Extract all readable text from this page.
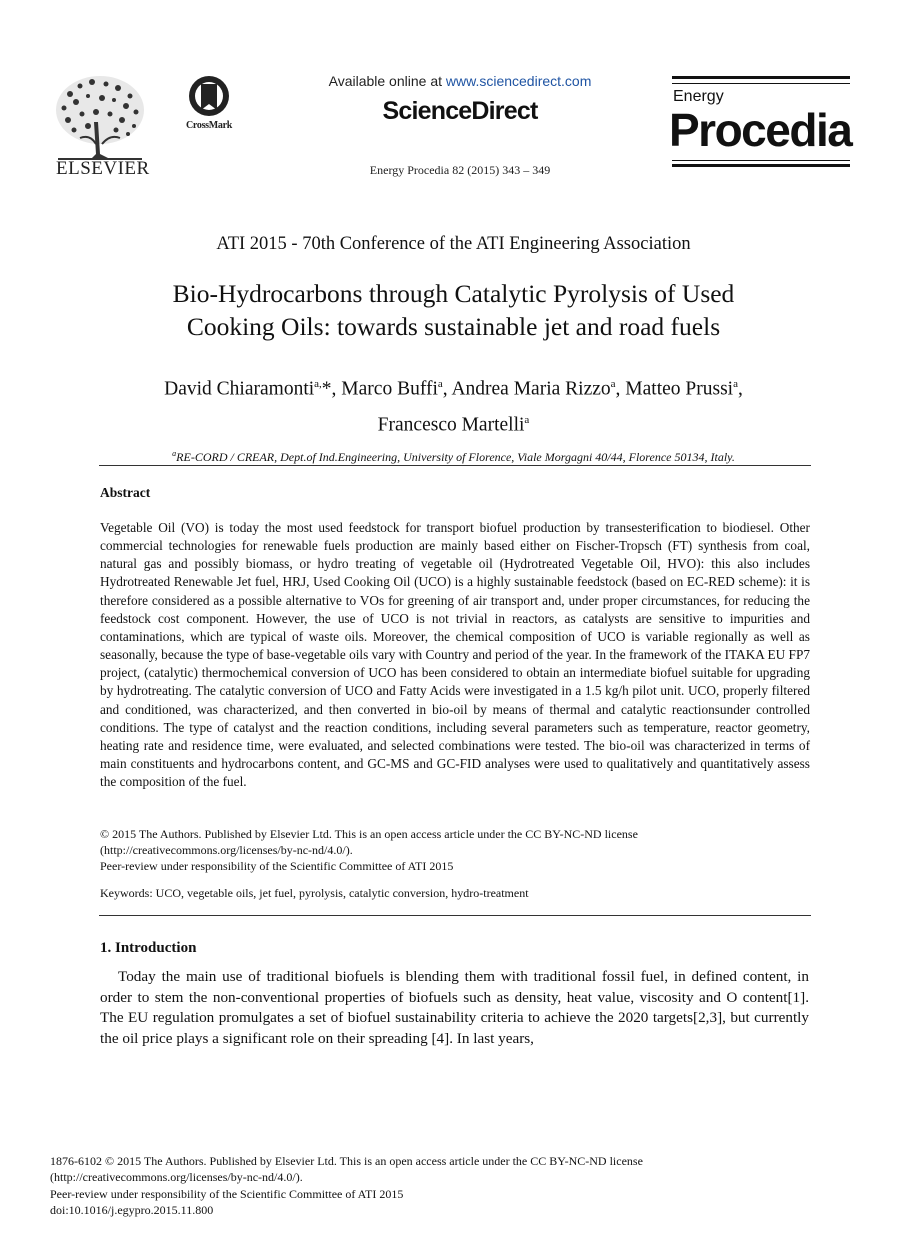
ELSEVIER
CrossMark
Available online at www.sciencedirect.com
ScienceDirect
Energy Procedia 82 (2015) 343 – 349
Energy
Procedia
ATI 2015 - 70th Conference of the ATI Engineering Association
Bio-Hydrocarbons through Catalytic Pyrolysis of Used
Cooking Oils: towards sustainable jet and road fuels
David Chiaramonti$^{a,}$*, Marco Buffi$^a$, Andrea Maria Rizzo$^a$, Matteo Prussi$^a$,
Francesco Martelli$^a$
$^a$RE-CORD / CREAR, Dept.of Ind.Engineering, University of Florence, Viale Morgagni 40/44, Florence 50134, Italy.
Abstract
Vegetable Oil (VO) is today the most used feedstock for transport biofuel production by transesterification to biodiesel. Other commercial technologies for renewable fuels production are mainly based either on Fischer-Tropsch (FT) synthesis from coal, natural gas and possibly biomass, or hydro treating of vegetable oil (Hydrotreated Vegetable Oil, HVO): this also includes Hydrotreated Renewable Jet fuel, HRJ, Used Cooking Oil (UCO) is a highly sustainable feedstock (based on EC-RED scheme): it is therefore considered as a possible alternative to VOs for greening of air transport and, under proper circumstances, for reducing the feedstock cost component. However, the use of UCO is not trivial in reactors, as catalysts are sensitive to impurities and contaminations, which are typical of waste oils. Moreover, the chemical composition of UCO is variable regionally as well as seasonally, because the type of base-vegetable oils vary with Country and period of the year. In the framework of the ITAKA EU FP7 project, (catalytic) thermochemical conversion of UCO has been considered to obtain an intermediate biofuel suitable for upgrading by hydrotreating. The catalytic conversion of UCO and Fatty Acids were investigated in a 1.5 kg/h pilot unit. UCO, properly filtered and conditioned, was characterized, and then converted in bio-oil by means of thermal and catalytic reactionsunder controlled conditions. The type of catalyst and the reaction conditions, including several parameters such as temperature, reactor geometry, heating rate and residence time, were evaluated, and selected combinations were tested. The bio-oil was characterized in terms of main constituents and hydrocarbons content, and GC-MS and GC-FID analyses were used to qualitatively and quantitatively assess the composition of the fuel.
© 2015 The Authors. Published by Elsevier Ltd. This is an open access article under the CC BY-NC-ND license
(http://creativecommons.org/licenses/by-nc-nd/4.0/).
Peer-review under responsibility of the Scientific Committee of ATI 2015
Keywords: UCO, vegetable oils, jet fuel, pyrolysis, catalytic conversion, hydro-treatment
1. Introduction
Today the main use of traditional biofuels is blending them with traditional fossil fuel, in defined content, in order to stem the non-conventional properties of biofuels such as density, heat value, viscosity and O content[1]. The EU regulation promulgates a set of biofuel sustainability criteria to achieve the 2020 targets[2,3], but currently the oil price plays a significant role on their spreading [4]. In last years,
1876-6102 © 2015 The Authors. Published by Elsevier Ltd. This is an open access article under the CC BY-NC-ND license
(http://creativecommons.org/licenses/by-nc-nd/4.0/).
Peer-review under responsibility of the Scientific Committee of ATI 2015
doi:10.1016/j.egypro.2015.11.800
